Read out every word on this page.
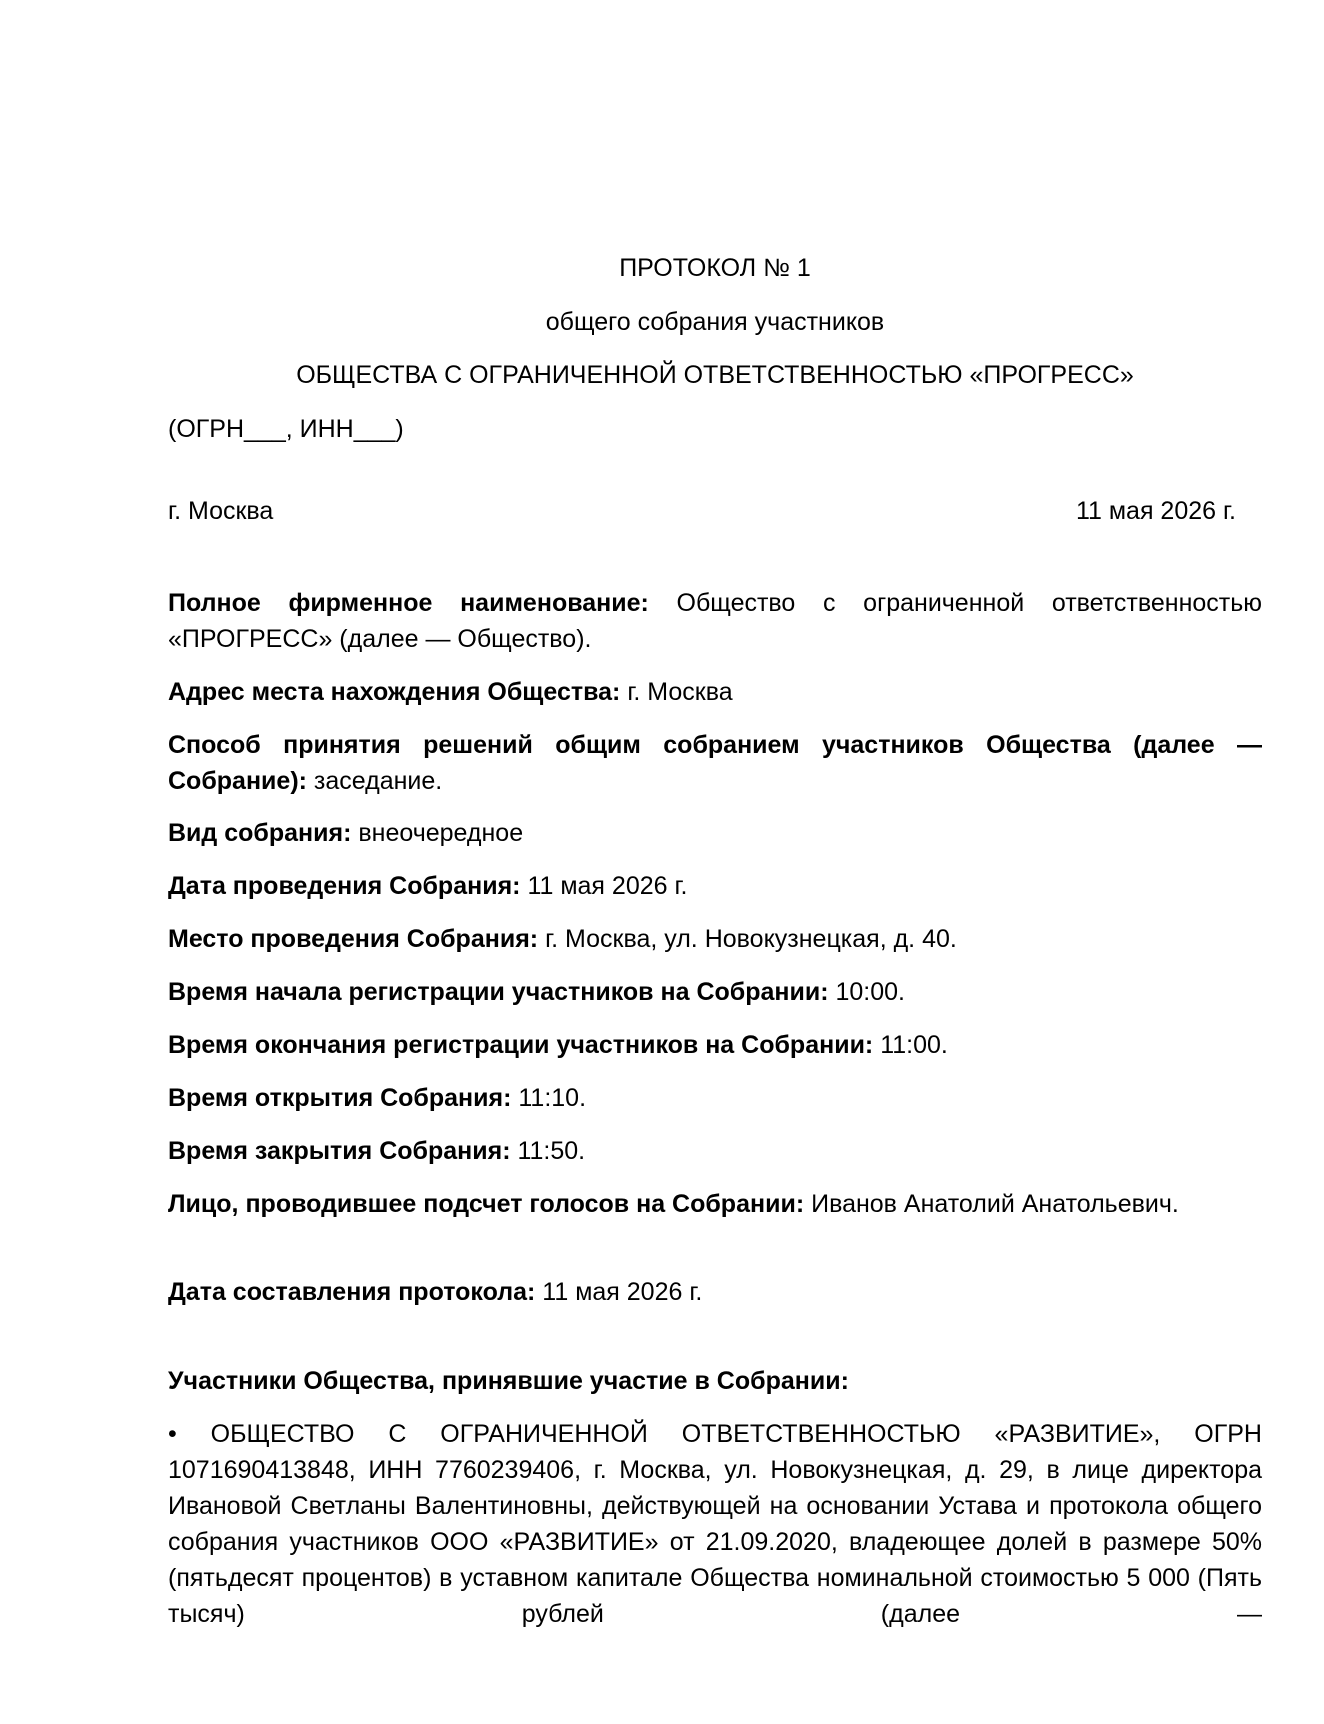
ПРОТОКОЛ № 1
общего собрания участников
ОБЩЕСТВА С ОГРАНИЧЕННОЙ ОТВЕТСТВЕННОСТЬЮ «ПРОГРЕСС»
(ОГРН___, ИНН___)
г. Москва	11 мая 2026 г.

Полное фирменное наименование: Общество с ограниченной ответственностью «ПРОГРЕСС» (далее — Общество).

Адрес места нахождения Общества: г. Москва

Способ принятия решений общим собранием участников Общества (далее — Собрание): заседание.

Вид собрания: внеочередное

Дата проведения Собрания: 11 мая 2026 г.

Место проведения Собрания: г. Москва, ул. Новокузнецкая, д. 40.

Время начала регистрации участников на Собрании: 10:00.

Время окончания регистрации участников на Собрании: 11:00.

Время открытия Собрания: 11:10.

Время закрытия Собрания: 11:50.

Лицо, проводившее подсчет голосов на Собрании: Иванов Анатолий Анатольевич.

Дата составления протокола: 11 мая 2026 г.

Участники Общества, принявшие участие в Собрании:

• ОБЩЕСТВО С ОГРАНИЧЕННОЙ ОТВЕТСТВЕННОСТЬЮ «РАЗВИТИЕ», ОГРН 1071690413848, ИНН 7760239406, г. Москва, ул. Новокузнецкая, д. 29, в лице директора Ивановой Светланы Валентиновны, действующей на основании Устава и протокола общего собрания участников ООО «РАЗВИТИЕ» от 21.09.2020, владеющее долей в размере 50% (пятьдесят процентов) в уставном капитале Общества номинальной стоимостью 5 000 (Пять тысяч) рублей (далее —
